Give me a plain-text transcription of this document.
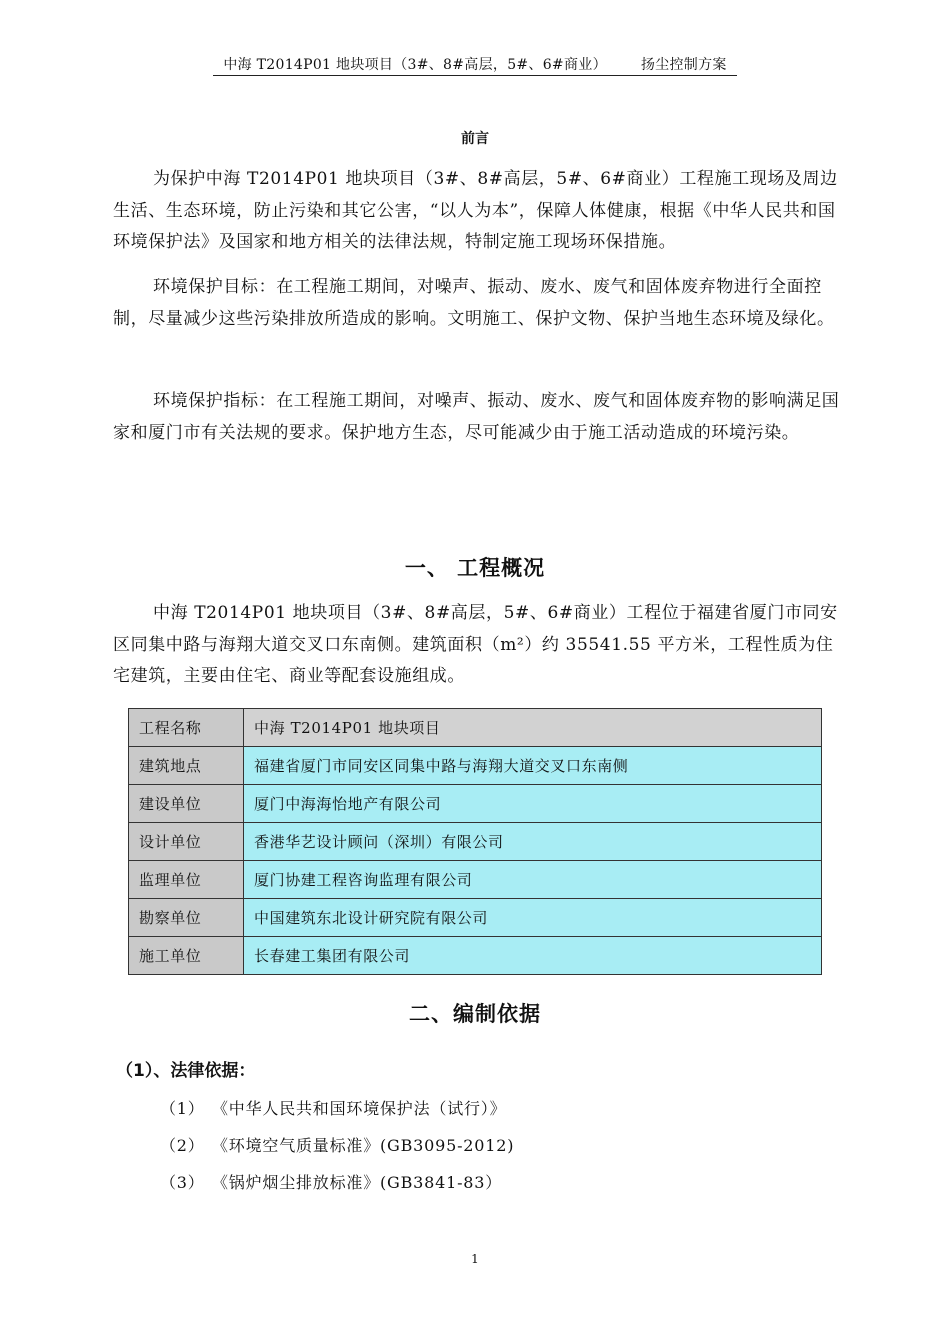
中海 T2014P01 地块项目（3#、8#高层，5#、6#商业） 扬尘控制方案
前言

为保护中海 T2014P01 地块项目（3#、8#高层，5#、6#商业）工程施工现场及周边生活、生态环境，防止污染和其它公害，“以人为本”，保障人体健康，根据《中华人民共和国环境保护法》及国家和地方相关的法律法规，特制定施工现场环保措施。

环境保护目标：在工程施工期间，对噪声、振动、废水、废气和固体废弃物进行全面控制，尽量减少这些污染排放所造成的影响。文明施工、保护文物、保护当地生态环境及绿化。

环境保护指标：在工程施工期间，对噪声、振动、废水、废气和固体废弃物的影响满足国家和厦门市有关法规的要求。保护地方生态，尽可能减少由于施工活动造成的环境污染。

一、 工程概况

中海 T2014P01 地块项目（3#、8#高层，5#、6#商业）工程位于福建省厦门市同安区同集中路与海翔大道交叉口东南侧。建筑面积（m²）约 35541.55 平方米，工程性质为住宅建筑，主要由住宅、商业等配套设施组成。

工程名称	中海 T2014P01 地块项目
建筑地点	福建省厦门市同安区同集中路与海翔大道交叉口东南侧
建设单位	厦门中海海怡地产有限公司
设计单位	香港华艺设计顾问（深圳）有限公司
监理单位	厦门协建工程咨询监理有限公司
勘察单位	中国建筑东北设计研究院有限公司
施工单位	长春建工集团有限公司
二、编制依据
（1）、法律依据：
（1） 《中华人民共和国环境保护法（试行）》
（2） 《环境空气质量标准》(GB3095-2012)
（3） 《锅炉烟尘排放标准》(GB3841-83）
1
